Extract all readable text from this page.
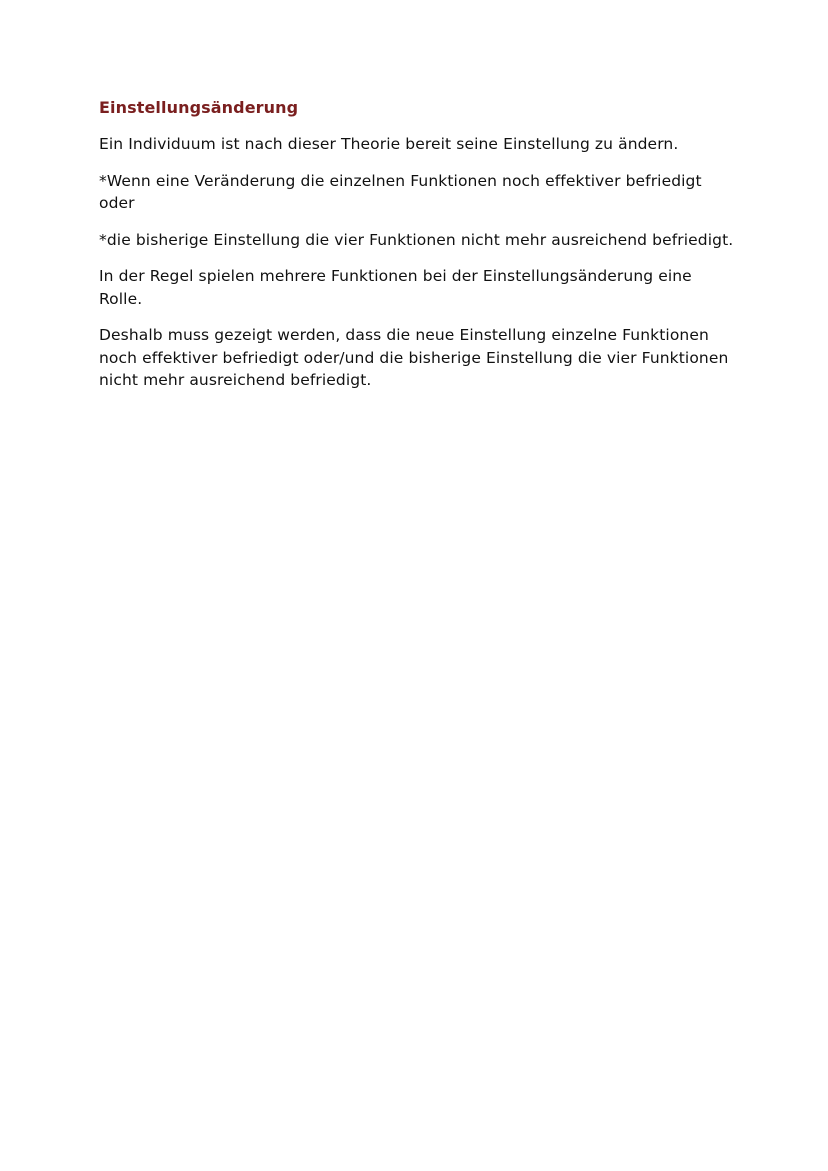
Einstellungsänderung

Ein Individuum ist nach dieser Theorie bereit seine Einstellung zu ändern.

*Wenn eine Veränderung die einzelnen Funktionen noch effektiver befriedigt oder

*die bisherige Einstellung die vier Funktionen nicht mehr ausreichend befriedigt.

In der Regel spielen mehrere Funktionen bei der Einstellungsänderung eine Rolle.

Deshalb muss gezeigt werden, dass die neue Einstellung einzelne Funktionen noch effektiver befriedigt oder/und die bisherige Einstellung die vier Funktionen nicht mehr ausreichend befriedigt.
